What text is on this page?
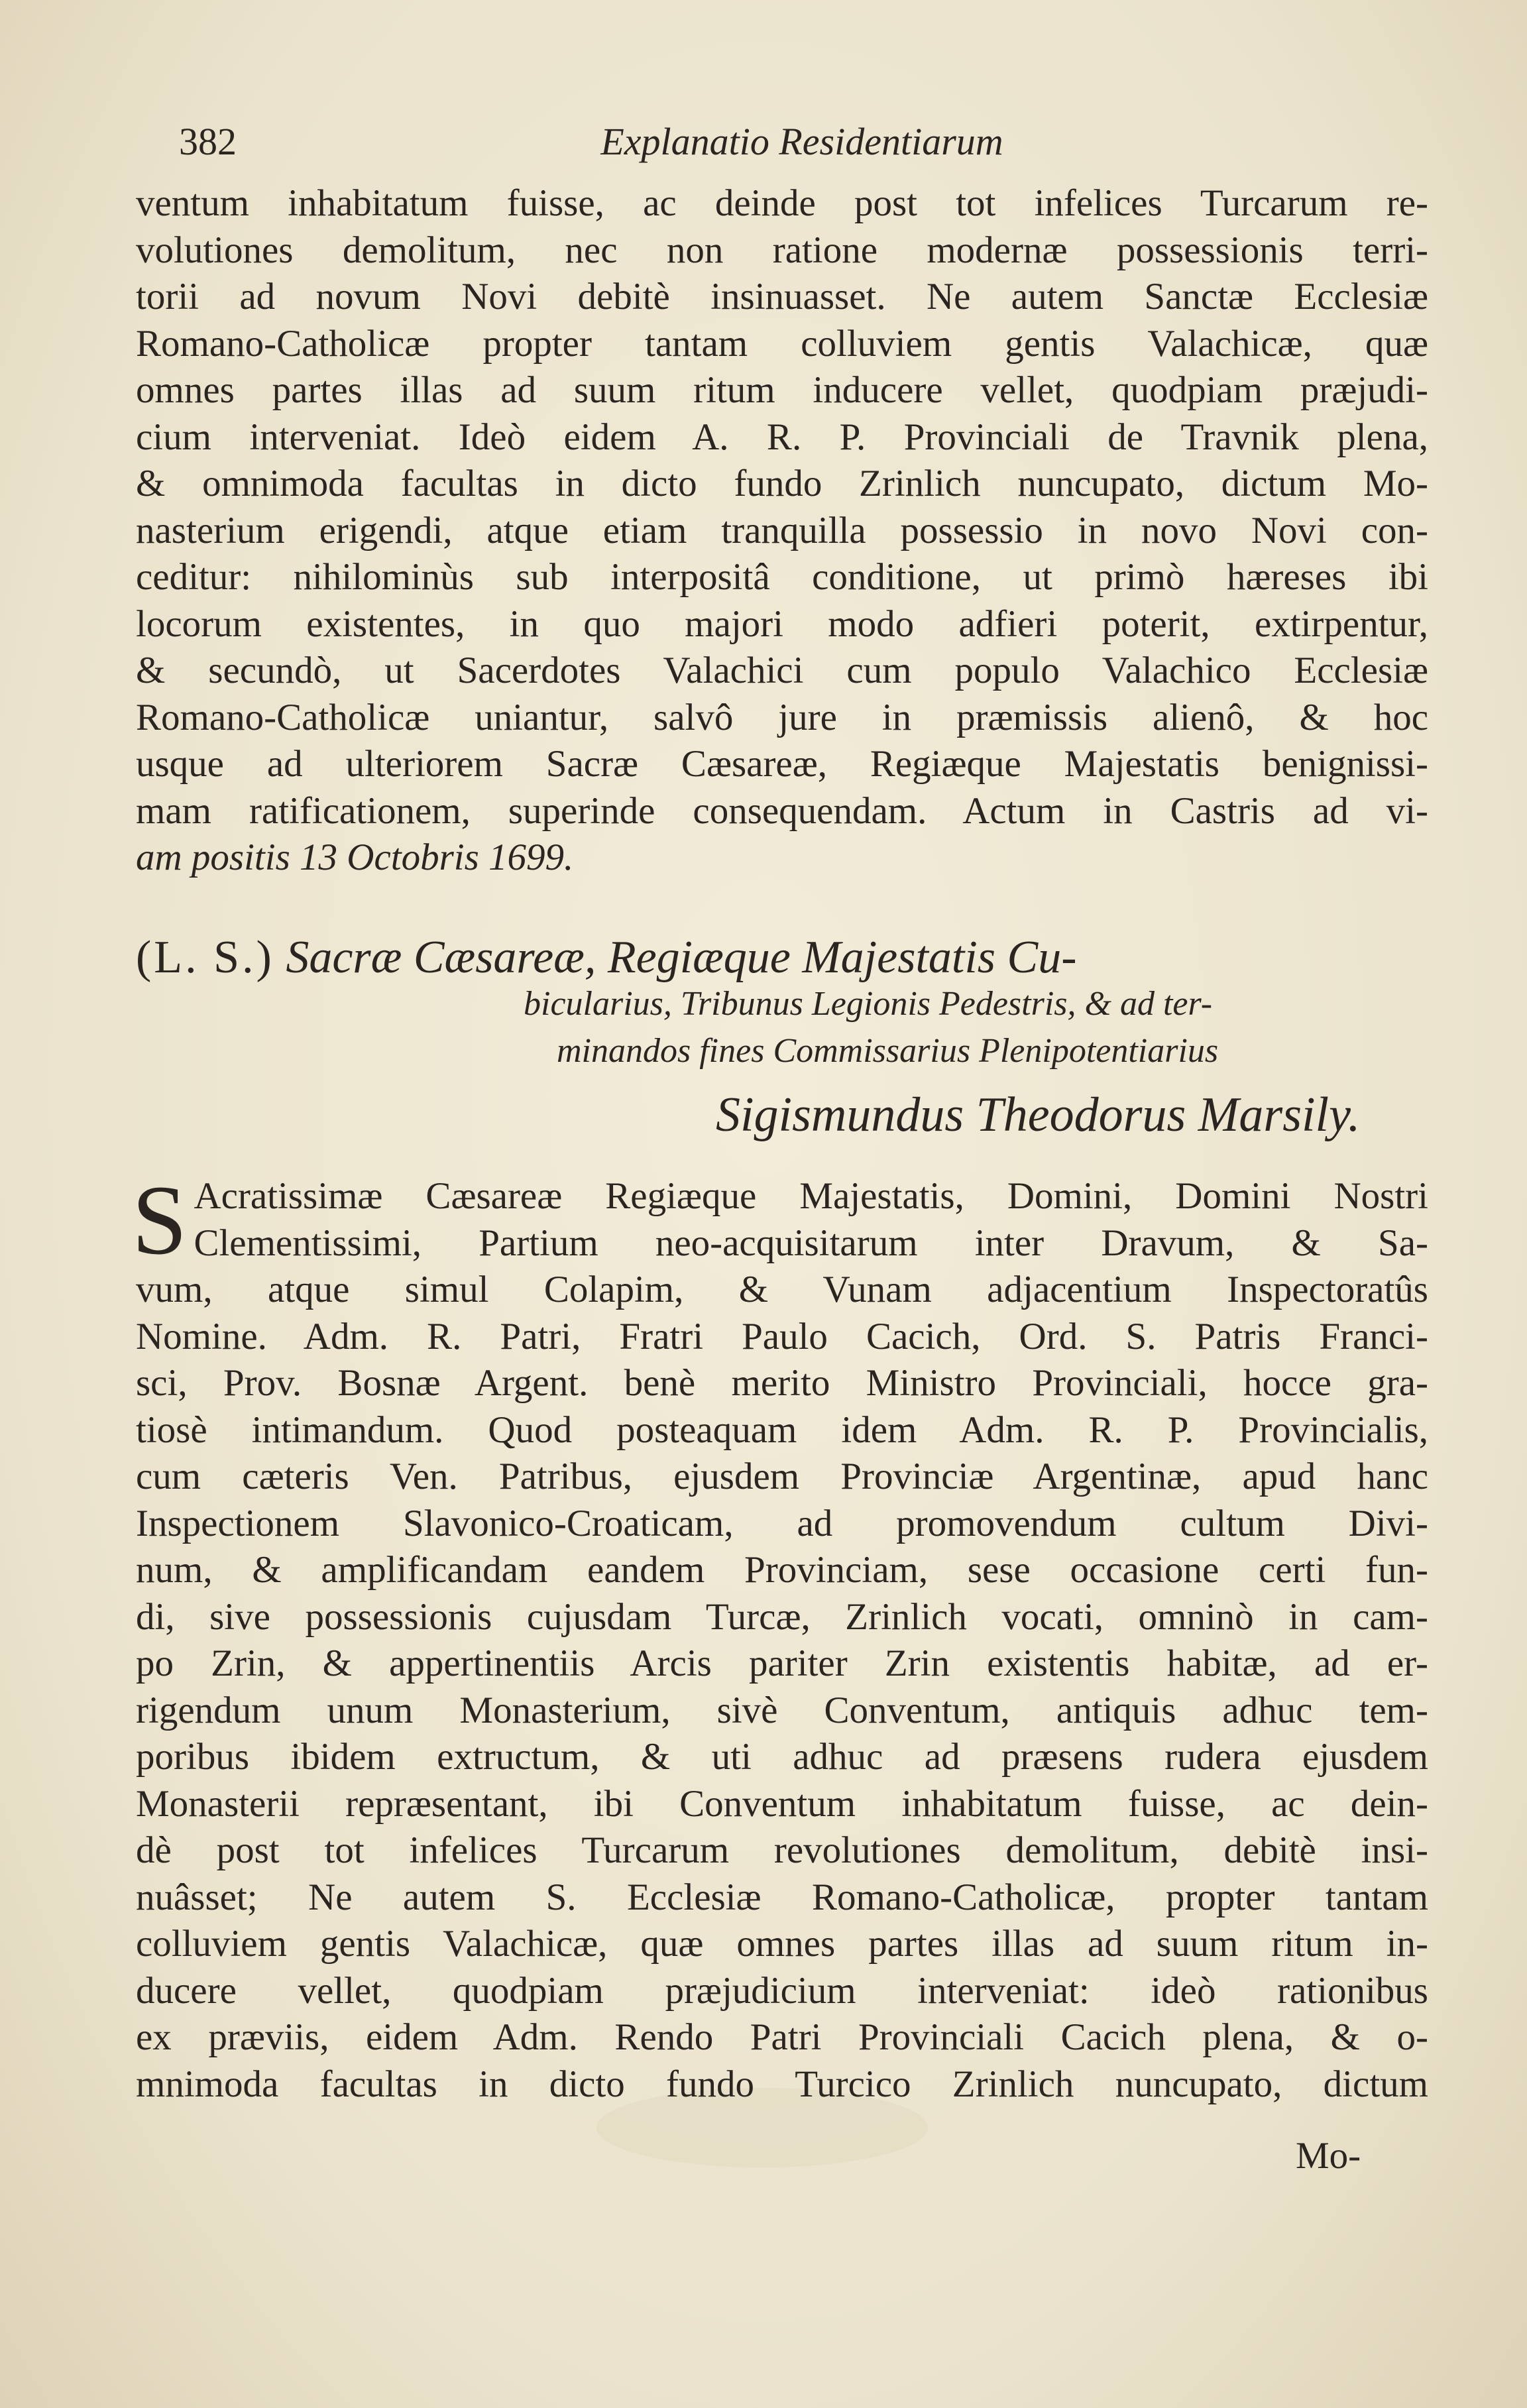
382	Explanatio Residentiarum
ventum inhabitatum fuisse, ac deinde post tot infelices Turcarum re-
volutiones demolitum, nec non ratione modernæ possessionis terri-
torii ad novum Novi debitè insinuasset. Ne autem Sanctæ Ecclesiæ
Romano-Catholicæ propter tantam colluviem gentis Valachicæ, quæ
omnes partes illas ad suum ritum inducere vellet, quodpiam præjudi-
cium interveniat. Ideò eidem A. R. P. Provinciali de Travnik plena,
& omnimoda facultas in dicto fundo Zrinlich nuncupato, dictum Mo-
nasterium erigendi, atque etiam tranquilla possessio in novo Novi con-
ceditur: nihilominùs sub interpositâ conditione, ut primò hæreses ibi
locorum existentes, in quo majori modo adfieri poterit, extirpentur,
& secundò, ut Sacerdotes Valachici cum populo Valachico Ecclesiæ
Romano-Catholicæ uniantur, salvô jure in præmissis alienô, & hoc
usque ad ulteriorem Sacræ Cæsareæ, Regiæque Majestatis benignissi-
mam ratificationem, superinde consequendam. Actum in Castris ad vi-
am positis 13 Octobris 1699.
(L. S.) Sacræ Cæsareæ, Regiæque Majestatis Cu-
bicularius, Tribunus Legionis Pedestris, & ad ter-
minandos fines Commissarius Plenipotentiarius
Sigismundus Theodorus Marsily.
S Acratissimæ Cæsareæ Regiæque Majestatis, Domini, Domini Nostri
Clementissimi, Partium neo-acquisitarum inter Dravum, & Sa-
vum, atque simul Colapim, & Vunam adjacentium Inspectoratûs
Nomine. Adm. R. Patri, Fratri Paulo Cacich, Ord. S. Patris Franci-
sci, Prov. Bosnæ Argent. benè merito Ministro Provinciali, hocce gra-
tiosè intimandum. Quod posteaquam idem Adm. R. P. Provincialis,
cum cæteris Ven. Patribus, ejusdem Provinciæ Argentinæ, apud hanc
Inspectionem Slavonico-Croaticam, ad promovendum cultum Divi-
num, & amplificandam eandem Provinciam, sese occasione certi fun-
di, sive possessionis cujusdam Turcæ, Zrinlich vocati, omninò in cam-
po Zrin, & appertinentiis Arcis pariter Zrin existentis habitæ, ad er-
rigendum unum Monasterium, sivè Conventum, antiquis adhuc tem-
poribus ibidem extructum, & uti adhuc ad præsens rudera ejusdem
Monasterii repræsentant, ibi Conventum inhabitatum fuisse, ac dein-
dè post tot infelices Turcarum revolutiones demolitum, debitè insi-
nuâsset; Ne autem S. Ecclesiæ Romano-Catholicæ, propter tantam
colluviem gentis Valachicæ, quæ omnes partes illas ad suum ritum in-
ducere vellet, quodpiam præjudicium interveniat: ideò rationibus
ex præviis, eidem Adm. Rendo Patri Provinciali Cacich plena, & o-
mnimoda facultas in dicto fundo Turcico Zrinlich nuncupato, dictum
Mo-
